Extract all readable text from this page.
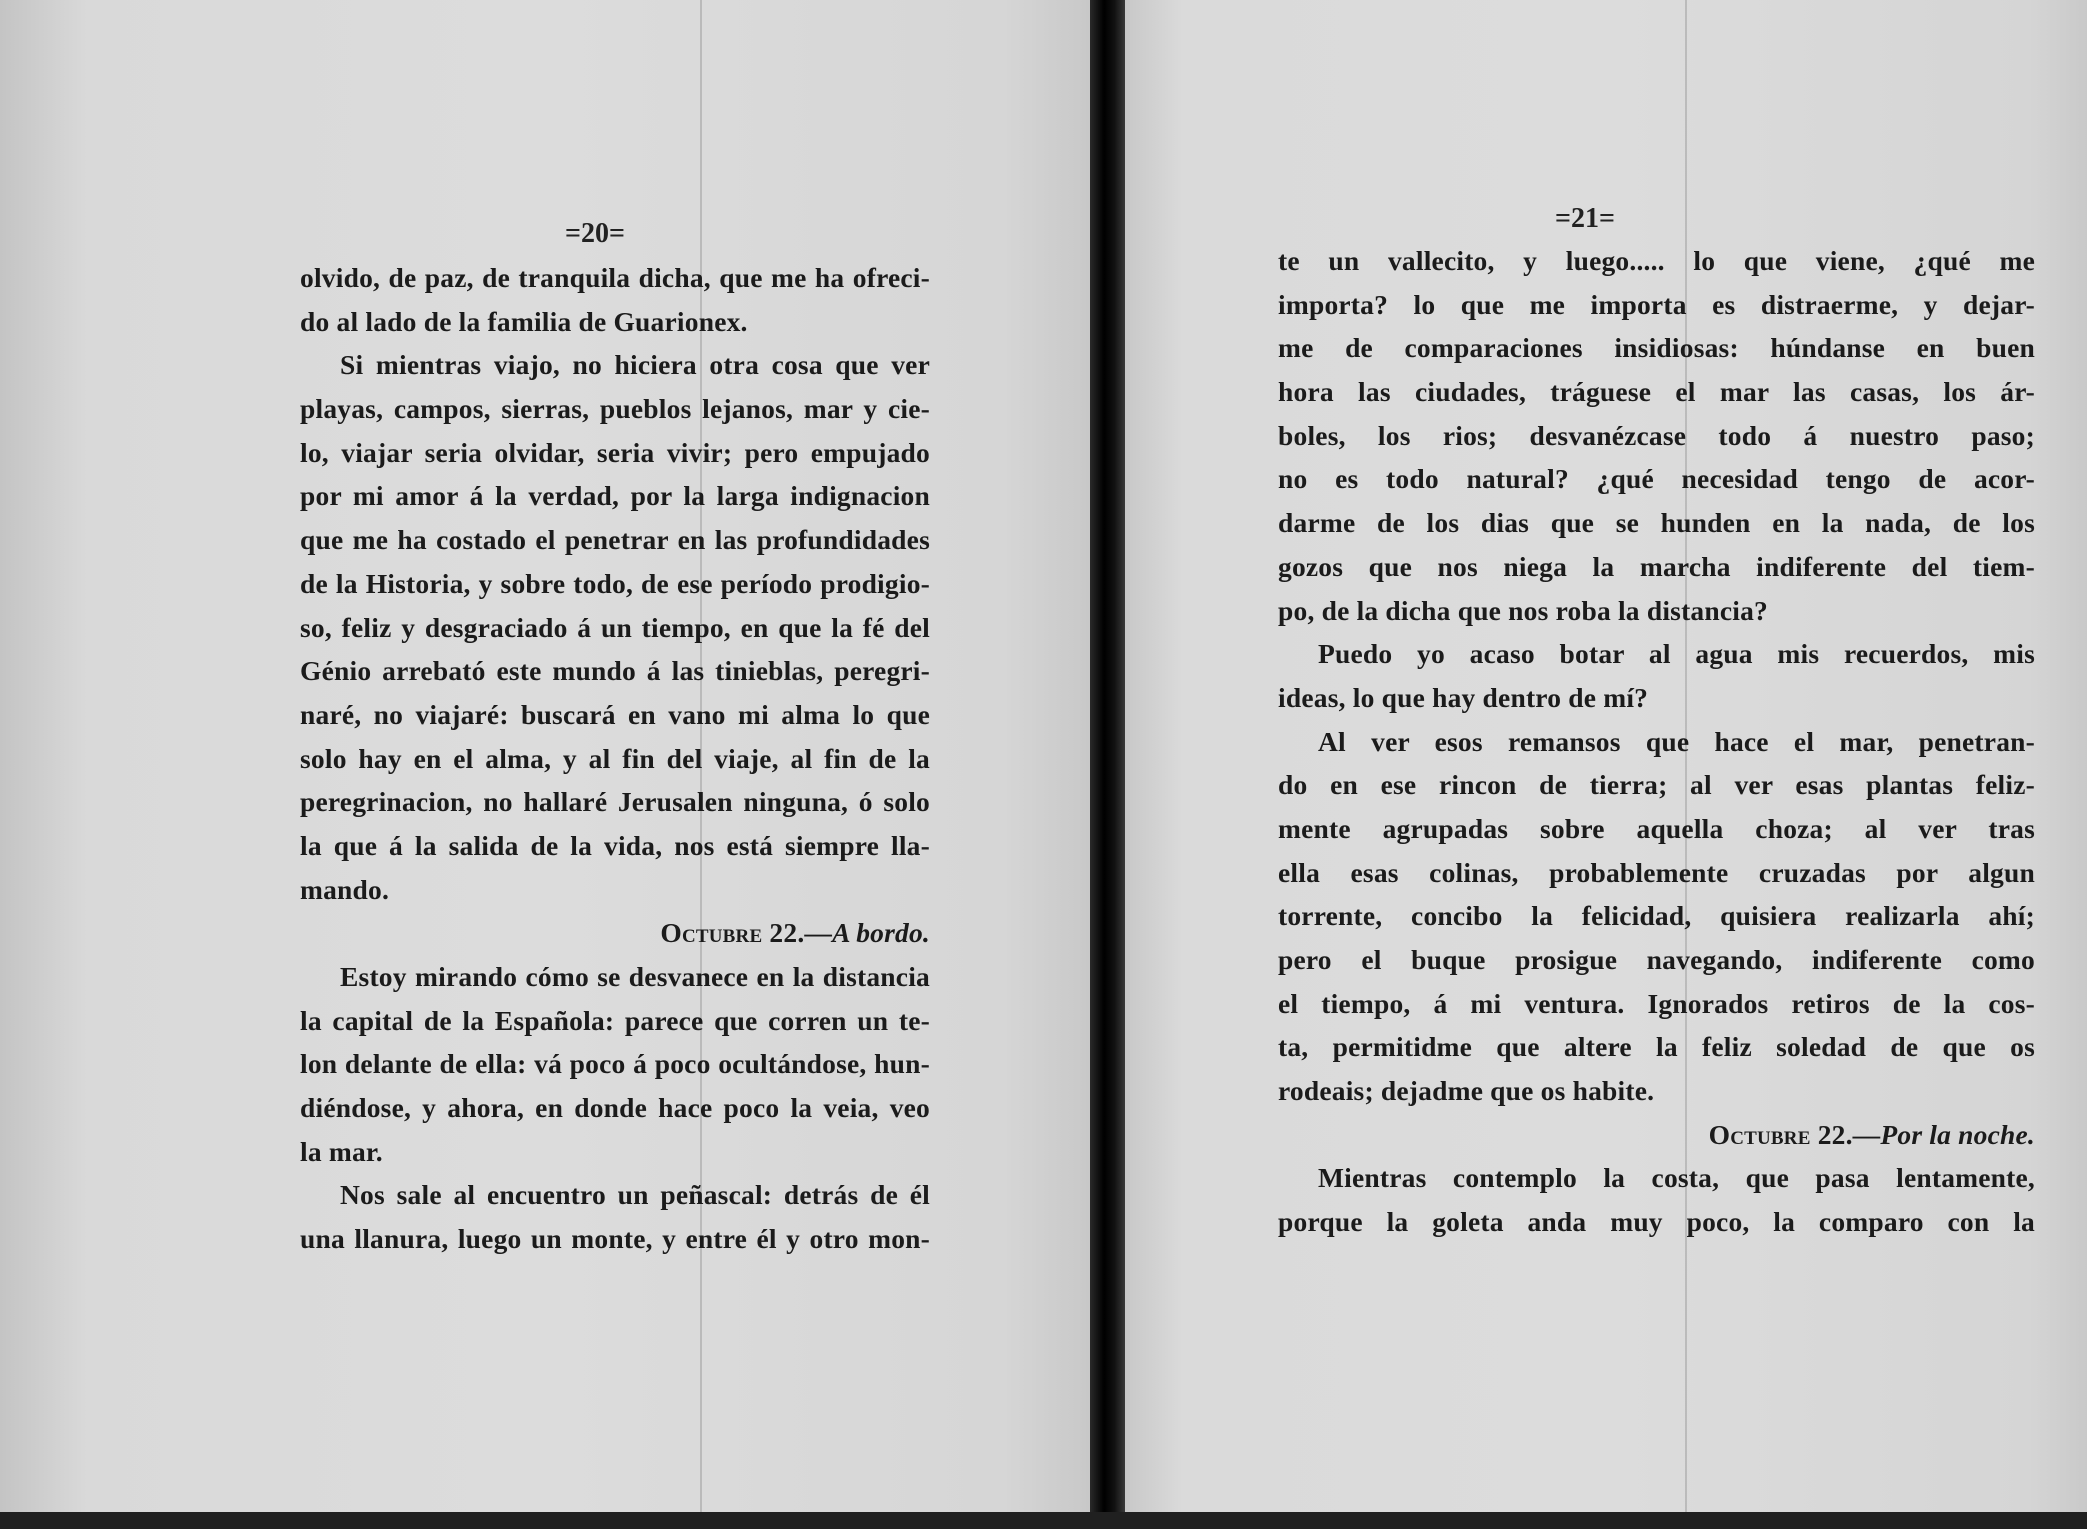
=20=
olvido, de paz, de tranquila dicha, que me ha ofreci-
do al lado de la familia de Guarionex.
Si mientras viajo, no hiciera otra cosa que ver
playas, campos, sierras, pueblos lejanos, mar y cie-
lo, viajar seria olvidar, seria vivir; pero empujado
por mi amor á la verdad, por la larga indignacion
que me ha costado el penetrar en las profundidades
de la Historia, y sobre todo, de ese período prodigio-
so, feliz y desgraciado á un tiempo, en que la fé del
Génio arrebató este mundo á las tinieblas, peregri-
naré, no viajaré: buscará en vano mi alma lo que
solo hay en el alma, y al fin del viaje, al fin de la
peregrinacion, no hallaré Jerusalen ninguna, ó solo
la que á la salida de la vida, nos está siempre lla-
mando.
Octubre 22.—A bordo.
Estoy mirando cómo se desvanece en la distancia
la capital de la Española: parece que corren un te-
lon delante de ella: vá poco á poco ocultándose, hun-
diéndose, y ahora, en donde hace poco la veia, veo
la mar.
Nos sale al encuentro un peñascal: detrás de él
una llanura, luego un monte, y entre él y otro mon-
=21=
te un vallecito, y luego..... lo que viene, ¿qué me
importa? lo que me importa es distraerme, y dejar-
me de comparaciones insidiosas: húndanse en buen
hora las ciudades, tráguese el mar las casas, los ár-
boles, los rios; desvanézcase todo á nuestro paso;
no es todo natural? ¿qué necesidad tengo de acor-
darme de los dias que se hunden en la nada, de los
gozos que nos niega la marcha indiferente del tiem-
po, de la dicha que nos roba la distancia?
Puedo yo acaso botar al agua mis recuerdos, mis
ideas, lo que hay dentro de mí?
Al ver esos remansos que hace el mar, penetran-
do en ese rincon de tierra; al ver esas plantas feliz-
mente agrupadas sobre aquella choza; al ver tras
ella esas colinas, probablemente cruzadas por algun
torrente, concibo la felicidad, quisiera realizarla ahí;
pero el buque prosigue navegando, indiferente como
el tiempo, á mi ventura. Ignorados retiros de la cos-
ta, permitidme que altere la feliz soledad de que os
rodeais; dejadme que os habite.
Octubre 22.—Por la noche.
Mientras contemplo la costa, que pasa lentamente,
porque la goleta anda muy poco, la comparo con la
